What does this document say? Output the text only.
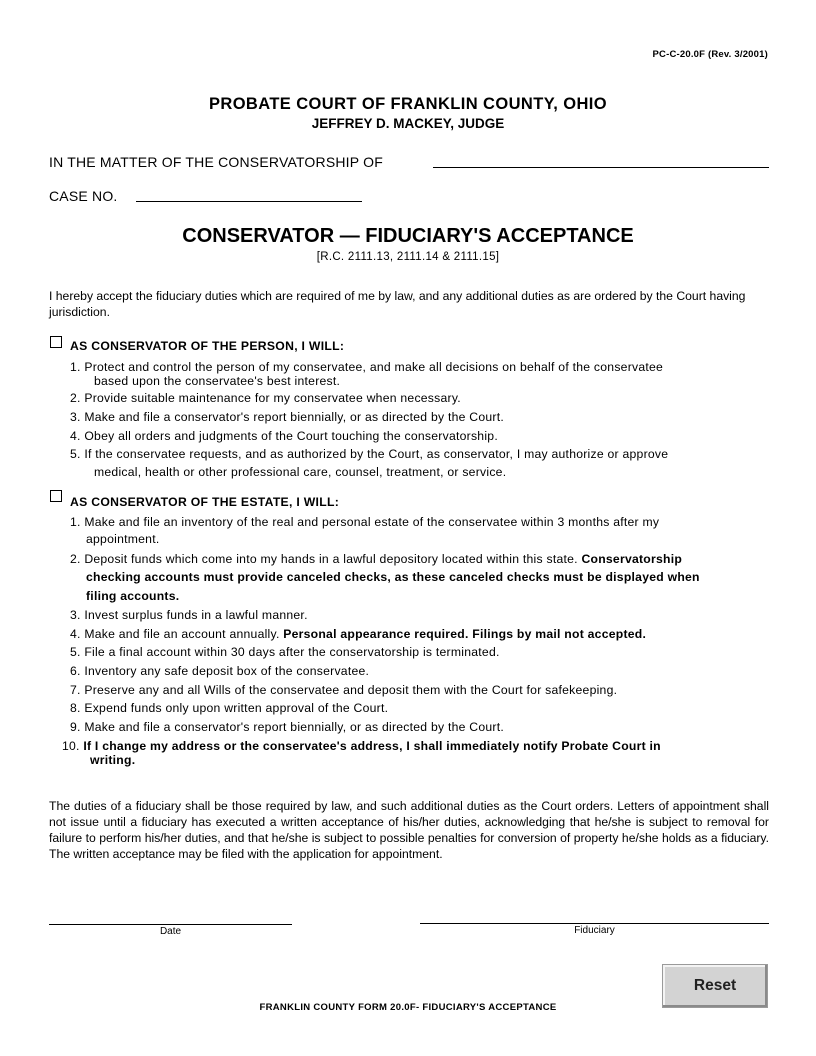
PC-C-20.0F (Rev. 3/2001)
PROBATE COURT OF FRANKLIN COUNTY, OHIO
JEFFREY D. MACKEY, JUDGE
IN THE MATTER OF THE CONSERVATORSHIP OF
CASE NO.
CONSERVATOR — FIDUCIARY'S ACCEPTANCE
[R.C. 2111.13, 2111.14 & 2111.15]
I hereby accept the fiduciary duties which are required of me by law, and any additional duties as are ordered by the Court having jurisdiction.
AS CONSERVATOR OF THE PERSON, I WILL:
1. Protect and control the person of my conservatee, and make all decisions on behalf of the conservatee
based upon the conservatee's best interest.
2. Provide suitable maintenance for my conservatee when necessary.
3. Make and file a conservator's report biennially, or as directed by the Court.
4. Obey all orders and judgments of the Court touching the conservatorship.
5. If the conservatee requests, and as authorized by the Court, as conservator, I may authorize or approve
medical, health or other professional care, counsel, treatment, or service.
AS CONSERVATOR OF THE ESTATE, I WILL:
1. Make and file an inventory of the real and personal estate of the conservatee within 3 months after my
appointment.
2. Deposit funds which come into my hands in a lawful depository located within this state. Conservatorship
checking accounts must provide canceled checks, as these canceled checks must be displayed when
filing accounts.
3. Invest surplus funds in a lawful manner.
4. Make and file an account annually. Personal appearance required. Filings by mail not accepted.
5. File a final account within 30 days after the conservatorship is terminated.
6. Inventory any safe deposit box of the conservatee.
7. Preserve any and all Wills of the conservatee and deposit them with the Court for safekeeping.
8. Expend funds only upon written approval of the Court.
9. Make and file a conservator's report biennially, or as directed by the Court.
10. If I change my address or the conservatee's address, I shall immediately notify Probate Court in
writing.
The duties of a fiduciary shall be those required by law, and such additional duties as the Court orders. Letters of appointment shall not issue until a fiduciary has executed a written acceptance of his/her duties, acknowledging that he/she is subject to removal for failure to perform his/her duties, and that he/she is subject to possible penalties for conversion of property he/she holds as a fiduciary. The written acceptance may be filed with the application for appointment.
Date	Fiduciary
Reset
FRANKLIN COUNTY FORM 20.0F- FIDUCIARY'S ACCEPTANCE
